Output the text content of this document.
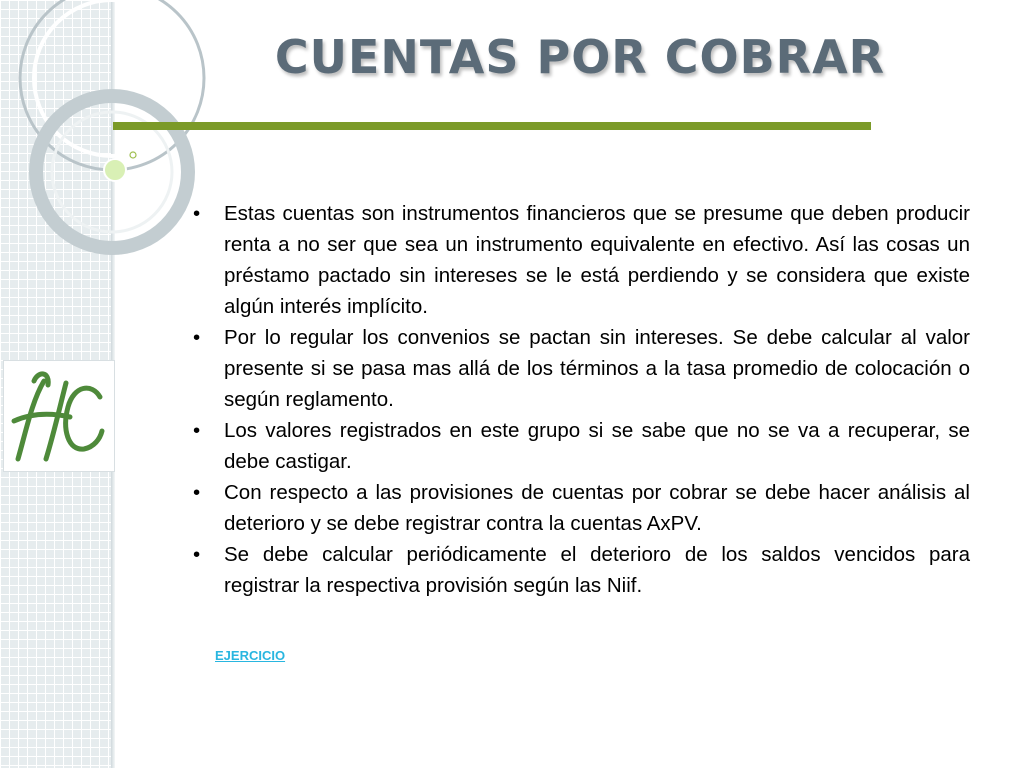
CUENTAS POR COBRAR
• Estas cuentas son instrumentos financieros que se presume que deben producir renta a no ser que sea un instrumento equivalente en efectivo. Así las cosas un préstamo pactado sin intereses se le está perdiendo y se considera que existe algún interés implícito.
• Por lo regular los convenios se pactan sin intereses. Se debe calcular al valor presente si se pasa mas allá de los términos a la tasa promedio de colocación o según reglamento.
• Los valores registrados en este grupo si se sabe que no se va a recuperar, se debe castigar.
• Con respecto a las provisiones de cuentas por cobrar se debe hacer análisis al deterioro y se debe registrar contra la cuentas AxPV.
• Se debe calcular periódicamente el deterioro de los saldos vencidos para registrar la respectiva provisión según las Niif.
EJERCICIO
